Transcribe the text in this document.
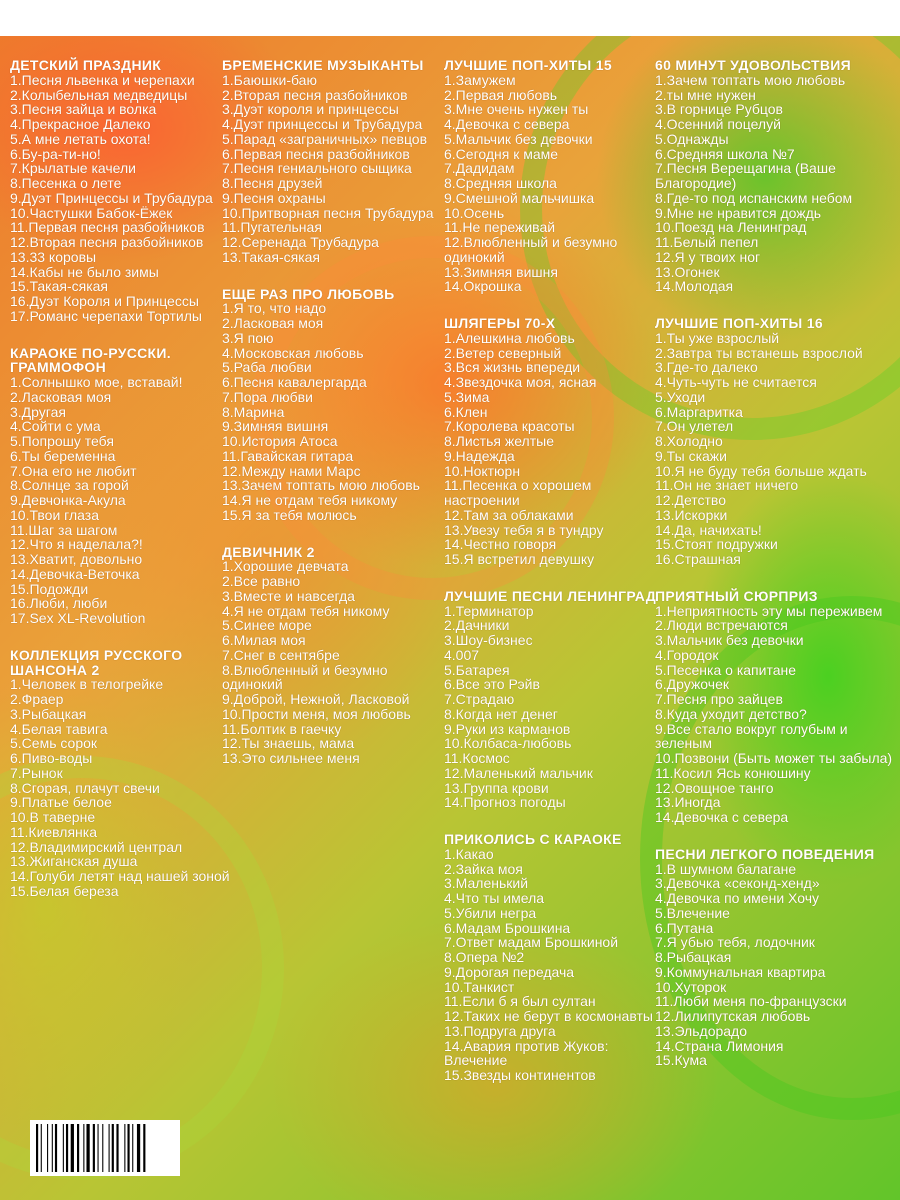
ДЕТСКИЙ ПРАЗДНИК
1.Песня львенка и черепахи
2.Колыбельная медведицы
3.Песня зайца и волка
4.Прекрасное Далеко
5.А мне летать охота!
6.Бу-ра-ти-но!
7.Крылатые качели
8.Песенка о лете
9.Дуэт Принцессы и Трубадура
10.Частушки Бабок-Ёжек
11.Первая песня разбойников
12.Вторая песня разбойников
13.33 коровы
14.Кабы не было зимы
15.Такая-сякая
16.Дуэт Короля и Принцессы
17.Романс черепахи Тортилы
КАРАОКЕ ПО-РУССКИ. ГРАММОФОН
1.Солнышко мое, вставай!
2.Ласковая моя
3.Другая
4.Сойти с ума
5.Попрошу тебя
6.Ты беременна
7.Она его не любит
8.Солнце за горой
9.Девчонка-Акула
10.Твои глаза
11.Шаг за шагом
12.Что я наделала?!
13.Хватит, довольно
14.Девочка-Веточка
15.Подожди
16.Люби, люби
17.Sex XL-Revolution
КОЛЛЕКЦИЯ РУССКОГО ШАНСОНА 2
1.Человек в телогрейке
2.Фраер
3.Рыбацкая
4.Белая тавига
5.Семь сорок
6.Пиво-воды
7.Рынок
8.Сгорая, плачут свечи
9.Платье белое
10.В таверне
11.Киевлянка
12.Владимирский централ
13.Жиганская душа
14.Голуби летят над нашей зоной
15.Белая береза
БРЕМЕНСКИЕ МУЗЫКАНТЫ
1.Баюшки-баю
2.Вторая песня разбойников
3.Дуэт короля и принцессы
4.Дуэт принцессы и Трубадура
5.Парад «заграничных» певцов
6.Первая песня разбойников
7.Песня гениального сыщика
8.Песня друзей
9.Песня охраны
10.Притворная песня Трубадура
11.Пугательная
12.Серенада Трубадура
13.Такая-сякая
ЕЩЕ РАЗ ПРО ЛЮБОВЬ
1.Я то, что надо
2.Ласковая моя
3.Я пою
4.Московская любовь
5.Раба любви
6.Песня кавалергарда
7.Пора любви
8.Марина
9.Зимняя вишня
10.История Атоса
11.Гавайская гитара
12.Между нами Марс
13.Зачем топтать мою любовь
14.Я не отдам тебя никому
15.Я за тебя молюсь
ДЕВИЧНИК 2
1.Хорошие девчата
2.Все равно
3.Вместе и навсегда
4.Я не отдам тебя никому
5.Синее море
6.Милая моя
7.Снег в сентябре
8.Влюбленный и безумно одинокий
9.Доброй, Нежной, Ласковой
10.Прости меня, моя любовь
11.Болтик в гаечку
12.Ты знаешь, мама
13.Это сильнее меня
ЛУЧШИЕ ПОП-ХИТЫ 15
1.Замужем
2.Первая любовь
3.Мне очень нужен ты
4.Девочка с севера
5.Мальчик без девочки
6.Сегодня к маме
7.Дадидам
8.Средняя школа
9.Смешной мальчишка
10.Осень
11.Не переживай
12.Влюбленный и безумно одинокий
13.Зимняя вишня
14.Окрошка
ШЛЯГЕРЫ 70-Х
1.Алешкина любовь
2.Ветер северный
3.Вся жизнь впереди
4.Звездочка моя, ясная
5.Зима
6.Клен
7.Королева красоты
8.Листья желтые
9.Надежда
10.Ноктюрн
11.Песенка о хорошем настроении
12.Там за облаками
13.Увезу тебя я в тундру
14.Честно говоря
15.Я встретил девушку
ЛУЧШИЕ ПЕСНИ ЛЕНИНГРАД
1.Терминатор
2.Дачники
3.Шоу-бизнес
4.007
5.Батарея
6.Все это Рэйв
7.Страдаю
8.Когда нет денег
9.Руки из карманов
10.Колбаса-любовь
11.Космос
12.Маленький мальчик
13.Группа крови
14.Прогноз погоды
ПРИКОЛИСЬ С КАРАОКЕ
1.Какао
2.Зайка моя
3.Маленький
4.Что ты имела
5.Убили негра
6.Мадам Брошкина
7.Ответ мадам Брошкиной
8.Опера №2
9.Дорогая передача
10.Танкист
11.Если б я был султан
12.Таких не берут в космонавты
13.Подруга друга
14.Авария против Жуков: Влечение
15.Звезды континентов
60 МИНУТ УДОВОЛЬСТВИЯ
1.Зачем топтать мою любовь
2.ты мне нужен
3.В горнице Рубцов
4.Осенний поцелуй
5.Однажды
6.Средняя школа №7
7.Песня Верещагина (Ваше Благородие)
8.Где-то под испанским небом
9.Мне не нравится дождь
10.Поезд на Ленинград
11.Белый пепел
12.Я у твоих ног
13.Огонек
14.Молодая
ЛУЧШИЕ ПОП-ХИТЫ 16
1.Ты уже взрослый
2.Завтра ты встанешь взрослой
3.Где-то далеко
4.Чуть-чуть не считается
5.Уходи
6.Маргаритка
7.Он улетел
8.Холодно
9.Ты скажи
10.Я не буду тебя больше ждать
11.Он не знает ничего
12.Детство
13.Искорки
14.Да, начихать!
15.Стоят подружки
16.Страшная
ПРИЯТНЫЙ СЮРПРИЗ
1.Неприятность эту мы переживем
2.Люди встречаются
3.Мальчик без девочки
4.Городок
5.Песенка о капитане
6.Дружочек
7.Песня про зайцев
8.Куда уходит детство?
9.Все стало вокруг голубым и зеленым
10.Позвони (Быть может ты забыла)
11.Косил Ясь конюшину
12.Овощное танго
13.Иногда
14.Девочка с севера
ПЕСНИ ЛЕГКОГО ПОВЕДЕНИЯ
1.В шумном балагане
3.Девочка «секонд-хенд»
4.Девочка по имени Хочу
5.Влечение
6.Путана
7.Я убью тебя, лодочник
8.Рыбацкая
9.Коммунальная квартира
10.Хуторок
11.Люби меня по-французски
12.Лилипутская любовь
13.Эльдорадо
14.Страна Лимония
15.Кума
